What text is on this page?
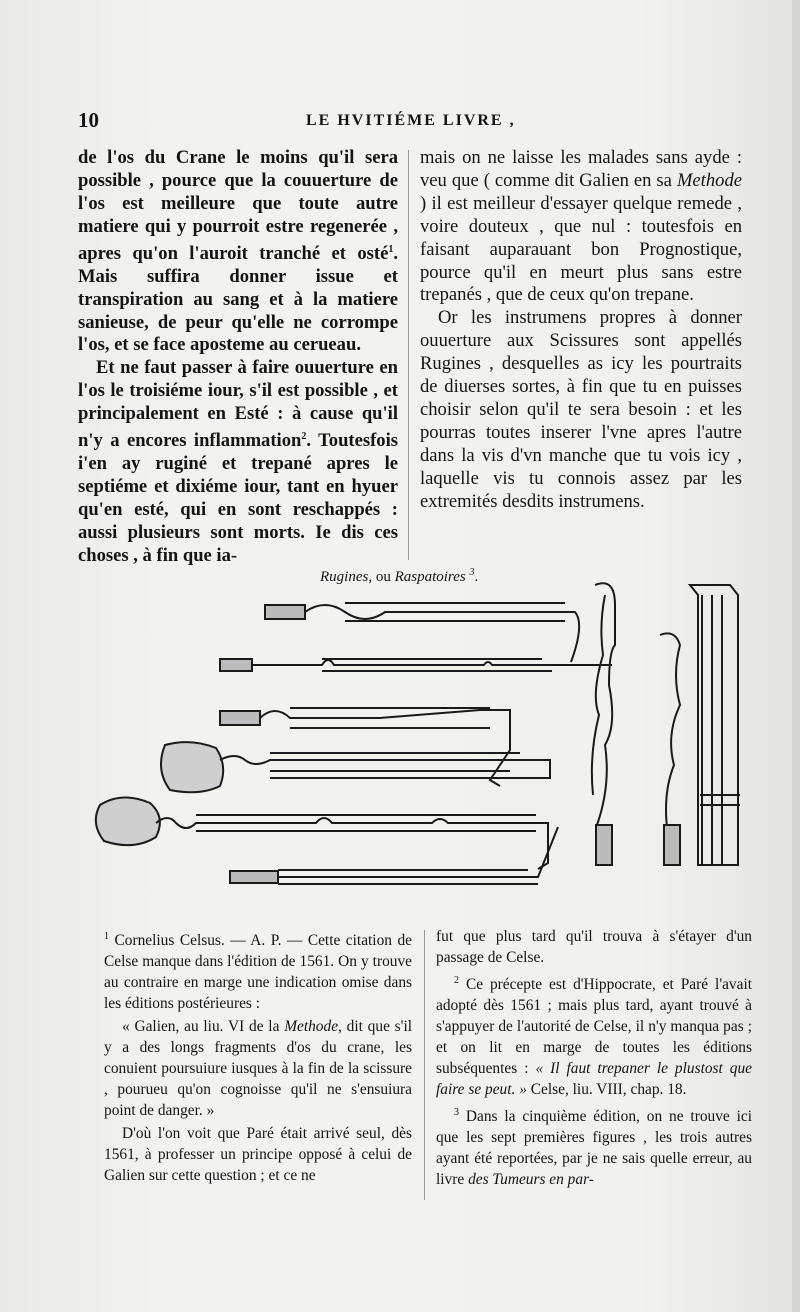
10	LE HVITIÉME LIVRE ,

de l'os du Crane le moins qu'il sera possible , pource que la couuerture de l'os est meilleure que toute autre matiere qui y pourroit estre regenerée , apres qu'on l'auroit tranché et osté$^1$. Mais suffira donner issue et transpiration au sang et à la matiere sanieuse, de peur qu'elle ne corrompe l'os, et se face aposteme au cerueau.

Et ne faut passer à faire ouuerture en l'os le troisiéme iour, s'il est possible , et principalement en Esté : à cause qu'il n'y a encores inflammation$^2$. Toutesfois i'en ay ruginé et trepané apres le septiéme et dixiéme iour, tant en hyuer qu'en esté, qui en sont reschappés : aussi plusieurs sont morts. Ie dis ces choses , à fin que ia-

mais on ne laisse les malades sans ayde : veu que ( comme dit Galien en sa Methode ) il est meilleur d'essayer quelque remede , voire douteux , que nul : toutesfois en faisant auparauant bon Prognostique, pource qu'il en meurt plus sans estre trepanés , que de ceux qu'on trepane.

Or les instrumens propres à donner ouuerture aux Scissures sont appellés Rugines , desquelles as icy les pourtraits de diuerses sortes, à fin que tu en puisses choisir selon qu'il te sera besoin : et les pourras toutes inserer l'vne apres l'autre dans la vis d'vn manche que tu vois icy , laquelle vis tu connois assez par les extremités desdits instrumens.

Rugines, ou Raspatoires $^3$.

$^1$ Cornelius Celsus. — A. P. — Cette citation de Celse manque dans l'édition de 1561. On y trouve au contraire en marge une indication omise dans les éditions postérieures :

« Galien, au liu. VI de la Methode, dit que s'il y a des longs fragments d'os du crane, les conuient poursuiure iusques à la fin de la scissure , pourueu qu'on cognoisse qu'il ne s'ensuiura point de danger. »

D'où l'on voit que Paré était arrivé seul, dès 1561, à professer un principe opposé à celui de Galien sur cette question ; et ce ne

fut que plus tard qu'il trouva à s'étayer d'un passage de Celse.

$^2$ Ce précepte est d'Hippocrate, et Paré l'avait adopté dès 1561 ; mais plus tard, ayant trouvé à s'appuyer de l'autorité de Celse, il n'y manqua pas ; et on lit en marge de toutes les éditions subséquentes : « Il faut trepaner le plustost que faire se peut. » Celse, liu. VIII, chap. 18.

$^3$ Dans la cinquième édition, on ne trouve ici que les sept premières figures , les trois autres ayant été reportées, par je ne sais quelle erreur, au livre des Tumeurs en par-
